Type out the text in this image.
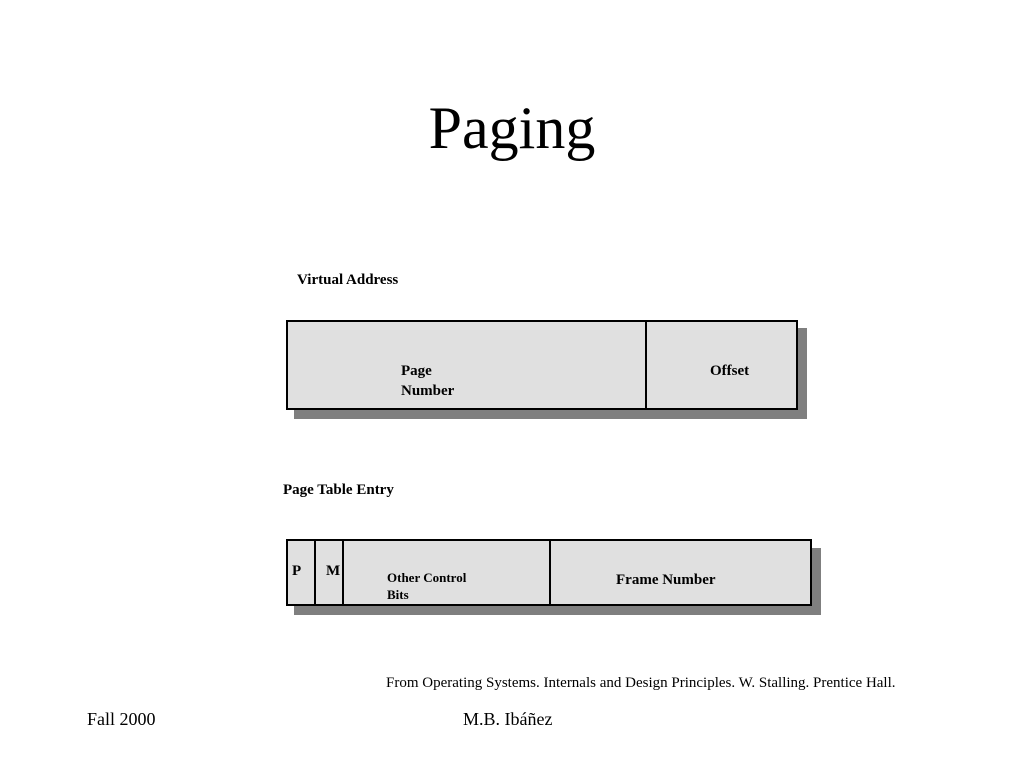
Paging
Virtual Address
Page
Number
Offset
Page Table Entry
P M	Other Control
Bits
Frame Number
From Operating Systems. Internals and Design Principles. W. Stalling. Prentice Hall.
Fall 2000	M.B. Ibáñez
